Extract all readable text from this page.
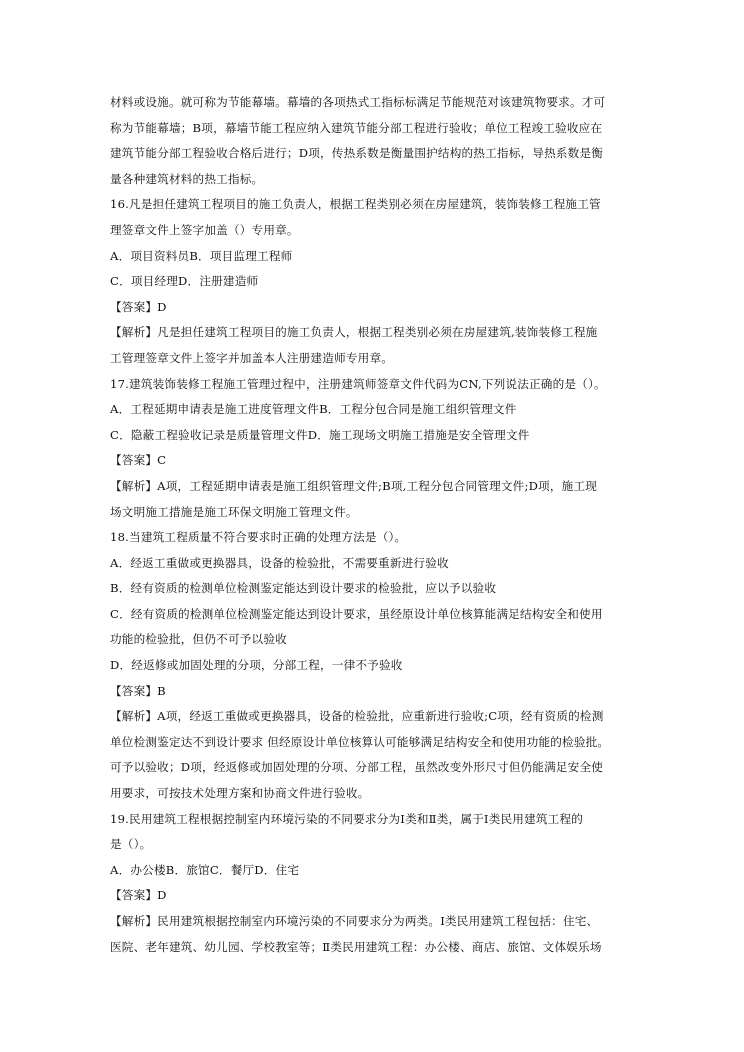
材料或设施。就可称为节能幕墙。幕墙的各项热式工指标标满足节能规范对该建筑物要求。才可
称为节能幕墙；B项，幕墙节能工程应纳入建筑节能分部工程进行验收；单位工程竣工验收应在
建筑节能分部工程验收合格后进行；D项，传热系数是衡量围护结构的热工指标，导热系数是衡
量各种建筑材料的热工指标。
16.凡是担任建筑工程项目的施工负责人，根据工程类别必须在房屋建筑，装饰装修工程施工管
理签章文件上签字加盖（）专用章。
A．项目资料员B．项目监理工程师
C．项目经理D．注册建造师
【答案】D
【解析】凡是担任建筑工程项目的施工负责人，根据工程类别必须在房屋建筑,装饰装修工程施
工管理签章文件上签字并加盖本人注册建造师专用章。
17.建筑装饰装修工程施工管理过程中，注册建筑师签章文件代码为CN,下列说法正确的是（）。
A．工程延期申请表是施工进度管理文件B．工程分包合同是施工组织管理文件
C．隐蔽工程验收记录是质量管理文件D．施工现场文明施工措施是安全管理文件
【答案】C
【解析】A项，工程延期申请表是施工组织管理文件;B项,工程分包合同管理文件;D项，施工现
场文明施工措施是施工环保文明施工管理文件。
18.当建筑工程质量不符合要求时正确的处理方法是（）。
A．经返工重做或更换器具，设备的检验批，不需要重新进行验收
B．经有资质的检测单位检测鉴定能达到设计要求的检验批，应以予以验收
C．经有资质的检测单位检测鉴定能达到设计要求，虽经原设计单位核算能满足结构安全和使用
功能的检验批，但仍不可予以验收
D．经返修或加固处理的分项，分部工程，一律不予验收
【答案】B
【解析】A项，经返工重做或更换器具，设备的检验批，应重新进行验收;C项，经有资质的检测
单位检测鉴定达不到设计要求 但经原设计单位核算认可能够满足结构安全和使用功能的检验批。
可予以验收；D项，经返修或加固处理的分项、分部工程，虽然改变外形尺寸但仍能满足安全使
用要求，可按技术处理方案和协商文件进行验收。
19.民用建筑工程根据控制室内环境污染的不同要求分为Ⅰ类和Ⅱ类，属于Ⅰ类民用建筑工程的
是（）。
A．办公楼B．旅馆C．餐厅D．住宅
【答案】D
【解析】民用建筑根据控制室内环境污染的不同要求分为两类。Ⅰ类民用建筑工程包括：住宅、
医院、老年建筑、幼儿园、学校教室等；Ⅱ类民用建筑工程：办公楼、商店、旅馆、文体娱乐场
